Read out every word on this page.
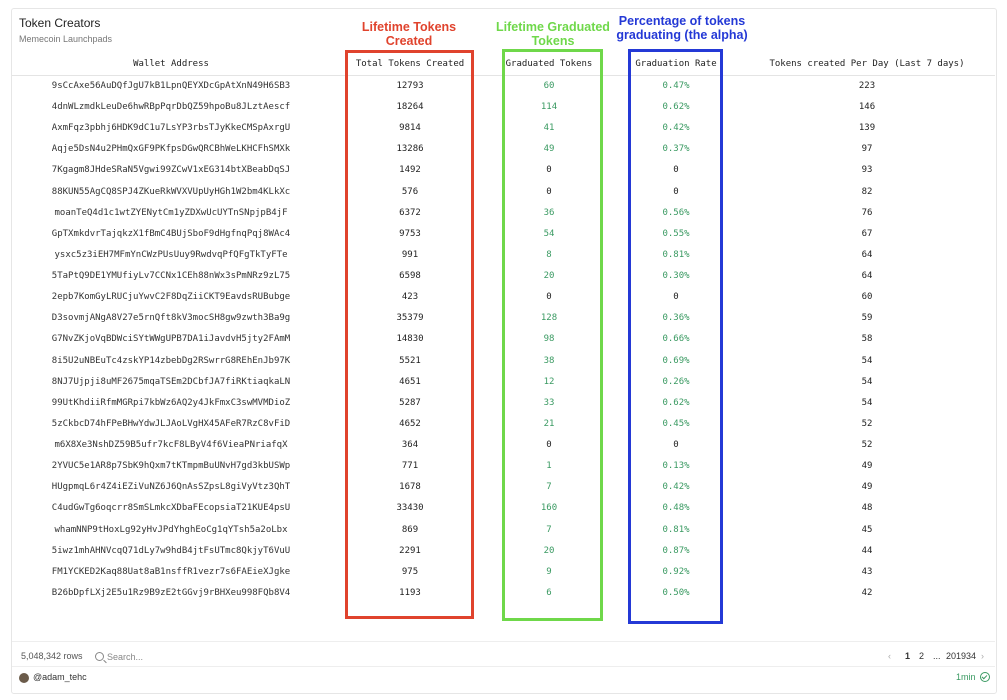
Token Creators
Memecoin Launchpads
Lifetime Tokens Created
Lifetime Graduated Tokens
Percentage of tokens graduating (the alpha)
Wallet Address	Total Tokens Created	Graduated Tokens	Graduation Rate	Tokens created Per Day (Last 7 days)
9sCcAxe56AuDQfJgU7kB1LpnQEYXDcGpAtXnN49H6SB3	12793	60	0.47%	223
4dnWLzmdkLeuDe6hwRBpPqrDbQZ59hpoBu8JLztAescf	18264	114	0.62%	146
AxmFqz3pbhj6HDK9dC1u7LsYP3rbsTJyKkeCMSpAxrgU	9814	41	0.42%	139
Aqje5DsN4u2PHmQxGF9PKfpsDGwQRCBhWeLKHCFhSMXk	13286	49	0.37%	97
7Kgagm8JHdeSRaN5Vgwi99ZCwV1xEG314btXBeabDqSJ	1492	0	0	93
88KUN55AgCQ8SPJ4ZKueRkWVXVUpUyHGh1W2bm4KLkXc	576	0	0	82
moanTeQ4d1c1wtZYENytCm1yZDXwUcUYTnSNpjpB4jF	6372	36	0.56%	76
GpTXmkdvrTajqkzX1fBmC4BUjSboF9dHgfnqPqj8WAc4	9753	54	0.55%	67
ysxc5z3iEH7MFmYnCWzPUsUuy9RwdvqPfQFgTkTyFTe	991	8	0.81%	64
5TaPtQ9DE1YMUfiyLv7CCNx1CEh88nWx3sPmNRz9zL75	6598	20	0.30%	64
2epb7KomGyLRUCjuYwvC2F8DqZiiCKT9EavdsRUBubge	423	0	0	60
D3sovmjANgA8V27e5rnQft8kV3mocSH8gw9zwth3Ba9g	35379	128	0.36%	59
G7NvZKjoVqBDWciSYtWWgUPB7DA1iJavdvH5jty2FAmM	14830	98	0.66%	58
8i5U2uNBEuTc4zskYP14zbebDg2RSwrrG8REhEnJb97K	5521	38	0.69%	54
8NJ7Ujpji8uMF2675mqaTSEm2DCbfJA7fiRKtiaqkaLN	4651	12	0.26%	54
99UtKhdiiRfmMGRpi7kbWz6AQ2y4JkFmxC3swMVMDioZ	5287	33	0.62%	54
5zCkbcD74hFPeBHwYdwJLJAoLVgHX45AFeR7RzC8vFiD	4652	21	0.45%	52
m6X8Xe3NshDZ59B5ufr7kcF8LByV4f6VieaPNriafqX	364	0	0	52
2YVUC5e1AR8p7SbK9hQxm7tKTmpmBuUNvH7gd3kbUSWp	771	1	0.13%	49
HUgpmqL6r4Z4iEZiVuNZ6J6QnAsSZpsL8giVyVtz3QhT	1678	7	0.42%	49
C4udGwTg6oqcrr8SmSLmkcXDbaFEcopsiaT21KUE4psU	33430	160	0.48%	48
whamNNP9tHoxLg92yHvJPdYhghEoCg1qYTsh5a2oLbx	869	7	0.81%	45
5iwz1mhAHNVcqQ71dLy7w9hdB4jtFsUTmc8QkjyT6VuU	2291	20	0.87%	44
FM1YCKED2Kaq88Uat8aB1nsffR1vezr7s6FAEieXJgke	975	9	0.92%	43
B26bDpfLXj2E5u1Rz9B9zE2tGGvj9rBHXeu998FQb8V4	1193	6	0.50%	42
5,048,342 rows	Search...	‹ 1 2 ... 201934 ›
@adam_tehc	1min
